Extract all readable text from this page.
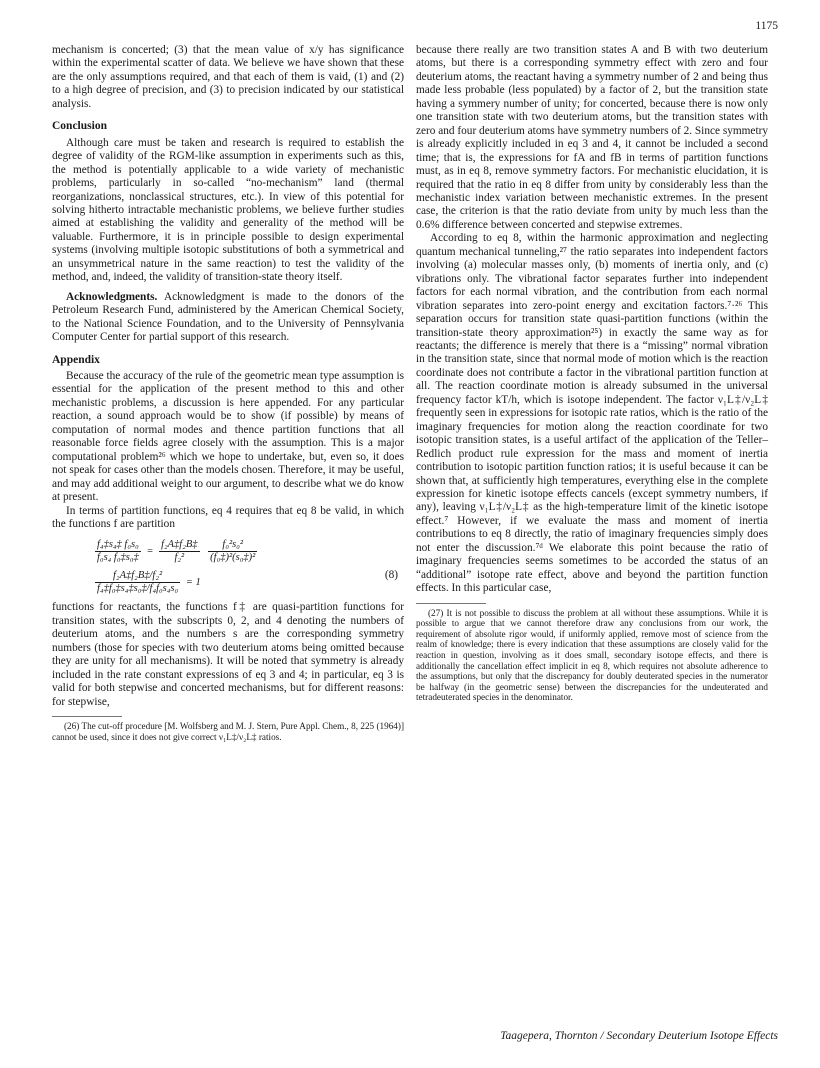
1175

mechanism is concerted; (3) that the mean value of x/y has significance within the experimental scatter of data. We believe we have shown that these are the only assumptions required, and that each of them is vaid, (1) and (2) to a high degree of precision, and (3) to precision indicated by our statistical analysis.

Conclusion

Although care must be taken and research is required to establish the degree of validity of the RGM-like assumption in experiments such as this, the method is potentially applicable to a wide variety of mechanistic problems, particularly in so-called “no-mechanism” land (thermal reorganizations, nonclassical structures, etc.). In view of this potential for solving hitherto intractable mechanistic problems, we believe further studies aimed at establishing the validity and generality of the method will be valuable. Furthermore, it is in principle possible to design experimental systems (involving multiple isotopic substitutions of both a symmetrical and an unsymmetrical nature in the same reaction) to test the validity of the method, and, indeed, the validity of transition-state theory itself.

Acknowledgments. Acknowledgment is made to the donors of the Petroleum Research Fund, administered by the American Chemical Society, to the National Science Foundation, and to the University of Pennsylvania Computer Center for partial support of this research.

Appendix

Because the accuracy of the rule of the geometric mean type assumption is essential for the application of the present method to this and other mechanistic problems, a discussion is here appended. For any particular reaction, a sound approach would be to show (if possible) by means of computation of normal modes and thence partition functions that all reasonable force fields agree closely with the assumption. This is a major computational problem²⁶ which we hope to undertake, but, even so, it does not speak for cases other than the models chosen. Therefore, it may be useful, and may add additional weight to our argument, to describe what we do know at present.

In terms of partition functions, eq 4 requires that eq 8 be valid, in which the functions f are partition

$\frac{\text{f₄‡s₄‡ f₀s₀}}{\text{f₀s₄ f₀‡s₀‡}} = \frac{\text{f₂A‡f₂B‡}}{\text{f₂²}}$
$\frac{\text{f₀²s₀²}}{\text{(f₀‡)²(s₀‡)²}}$
$\frac{\text{f₂A‡f₂B‡/f₂²}}{\text{f₄‡f₀‡s₄‡s₀‡/f₄f₀s₄s₀}} = 1$
(8)

functions for reactants, the functions f‡ are quasi-partition functions for transition states, with the subscripts 0, 2, and 4 denoting the numbers of deuterium atoms, and the numbers s are the corresponding symmetry numbers (those for species with two deuterium atoms being omitted because they are unity for all mechanisms). It will be noted that symmetry is already included in the rate constant expressions of eq 3 and 4; in particular, eq 3 is valid for both stepwise and concerted mechanisms, but for different reasons: for stepwise,

(26) The cut-off procedure [M. Wolfsberg and M. J. Stern, Pure Appl. Chem., 8, 225 (1964)] cannot be used, since it does not give correct ν₁L‡/ν₂L‡ ratios.

because there really are two transition states A and B with two deuterium atoms, but there is a corresponding symmetry effect with zero and four deuterium atoms, the reactant having a symmetry number of 2 and being thus made less probable (less populated) by a factor of 2, but the transition state having a symmery number of unity; for concerted, because there is now only one transition state with two deuterium atoms, but the transition states with zero and four deuterium atoms have symmetry numbers of 2. Since symmetry is already explicitly included in eq 3 and 4, it cannot be included a second time; that is, the expressions for fA and fB in terms of partition functions must, as in eq 8, remove symmetry factors. For mechanistic elucidation, it is required that the ratio in eq 8 differ from unity by considerably less than the mechanistic index variation between mechanistic extremes. In the present case, the criterion is that the ratio deviate from unity by much less than the 0.6% difference between concerted and stepwise extremes.

According to eq 8, within the harmonic approximation and neglecting quantum mechanical tunneling,²⁷ the ratio separates into independent factors involving (a) molecular masses only, (b) moments of inertia only, and (c) vibrations only. The vibrational factor separates further into independent factors for each normal vibration, and the contribution from each normal vibration separates into zero-point energy and excitation factors.⁷·²⁶ This separation occurs for transition state quasi-partition functions (within the transition-state theory approximation²⁵) in exactly the same way as for reactants; the difference is merely that there is a “missing” normal vibration in the transition state, since that normal mode of motion which is the reaction coordinate does not contribute a factor in the vibrational partition function at all. The reaction coordinate motion is already subsumed in the universal frequency factor kT/h, which is isotope independent. The factor ν₁L‡/ν₂L‡ frequently seen in expressions for isotopic rate ratios, which is the ratio of the imaginary frequencies for motion along the reaction coordinate for two isotopic transition states, is a useful artifact of the application of the Teller–Redlich product rule expression for the mass and moment of inertia contribution to isotopic partition function ratios; it is useful because it can be shown that, at sufficiently high temperatures, everything else in the complete expression for kinetic isotope effects cancels (except symmetry numbers, if any), leaving ν₁L‡/ν₂L‡ as the high-temperature limit of the kinetic isotope effect.⁷ However, if we evaluate the mass and moment of inertia contributions to eq 8 directly, the ratio of imaginary frequencies simply does not enter the discussion.⁷ᵈ We elaborate this point because the ratio of imaginary frequencies seems sometimes to be accorded the status of an “additional” isotope rate effect, above and beyond the partition function effects. In this particular case,

(27) It is not possible to discuss the problem at all without these assumptions. While it is possible to argue that we cannot therefore draw any conclusions from our work, the requirement of absolute rigor would, if uniformly applied, remove most of science from the realm of knowledge; there is every indication that these assumptions are closely valid for the reaction in question, involving as it does small, secondary isotope effects, and there is additionally the cancellation effect implicit in eq 8, which requires not absolute adherence to the assumptions, but only that the discrepancy for doubly deuterated species in the numerator be halfway (in the geometric sense) between the discrepancies for the undeuterated and tetradeuterated species in the denominator.

Taagepera, Thornton / Secondary Deuterium Isotope Effects
